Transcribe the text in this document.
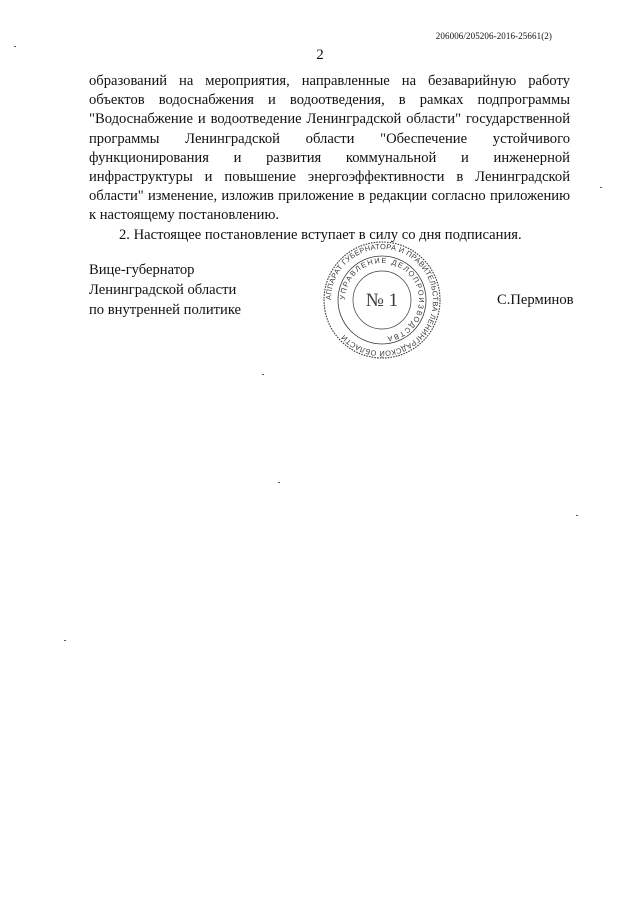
206006/205206-2016-25661(2)
2

образований на мероприятия, направленные на безаварийную работу объектов водоснабжения и водоотведения, в рамках подпрограммы "Водоснабжение и водоотведение Ленинградской области" государственной программы Ленинградской области "Обеспечение устойчивого функционирования и развития коммунальной и инженерной инфраструктуры и повышение энергоэффективности в Ленинградской области" изменение, изложив приложение в редакции согласно приложению к настоящему постановлению.

2. Настоящее постановление вступает в силу со дня подписания.

Вице-губернатор
Ленинградской области
по внутренней политике
АППАРАТ ГУБЕРНАТОРА И ПРАВИТЕЛЬСТВА ЛЕНИНГРАДСКОЙ ОБЛАСТИ
УПРАВЛЕНИЕ ДЕЛОПРОИЗВОДСТВА
№ 1	С.Перминов
